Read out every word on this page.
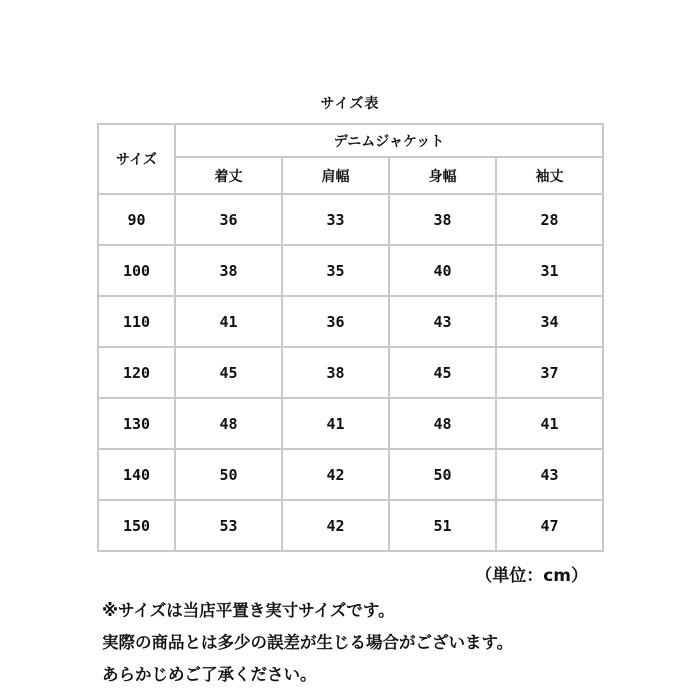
サイズ表
サイズ	デニムジャケット			
	着丈	肩幅	身幅	袖丈
90	36	33	38	28
100	38	35	40	31
110	41	36	43	34
120	45	38	45	37
130	48	41	48	41
140	50	42	50	43
150	53	42	51	47
（単位：cm）
※サイズは当店平置き実寸サイズです。
実際の商品とは多少の誤差が生じる場合がございます。
あらかじめご了承ください。
